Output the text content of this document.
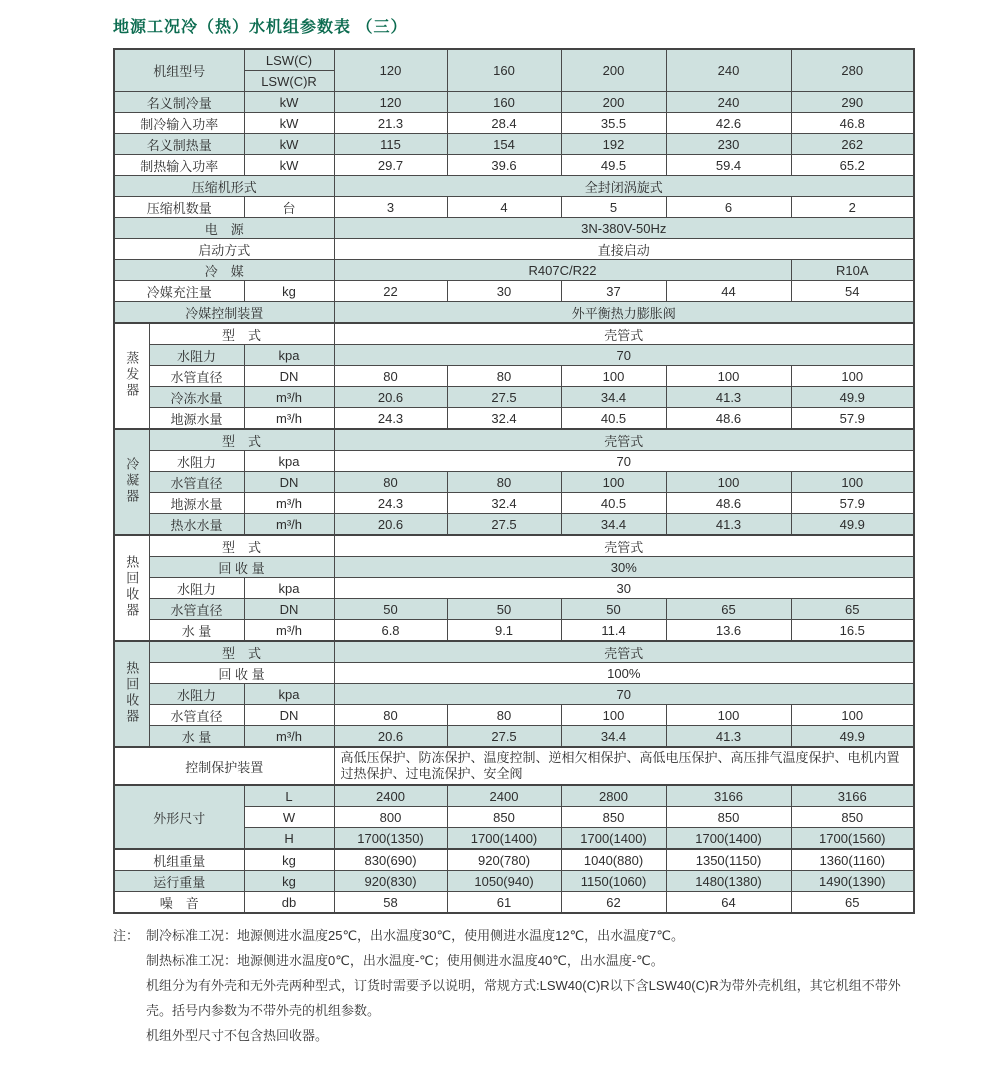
地源工况冷（热）水机组参数表 （三）
机组型号		LSW(C)	120	160	200	240	280
		LSW(C)R					
名义制冷量		kW	120	160	200	240	290
制冷输入功率		kW	21.3	28.4	35.5	42.6	46.8
名义制热量		kW	115	154	192	230	262
制热输入功率		kW	29.7	39.6	49.5	59.4	65.2
压缩机形式			全封闭涡旋式				
压缩机数量		台	3	4	5	6	2
电　源			3N-380V-50Hz				
启动方式			直接启动				
冷　媒			R407C/R22				R10A
冷媒充注量		kg	22	30	37	44	54
冷媒控制装置			外平衡热力膨胀阀				
蒸发器	型　式		壳管式				
	水阻力	kpa	70				
	水管直径	DN	80	80	100	100	100
	冷冻水量	m³/h	20.6	27.5	34.4	41.3	49.9
	地源水量	m³/h	24.3	32.4	40.5	48.6	57.9
冷凝器	型　式		壳管式				
	水阻力	kpa	70				
	水管直径	DN	80	80	100	100	100
	地源水量	m³/h	24.3	32.4	40.5	48.6	57.9
	热水水量	m³/h	20.6	27.5	34.4	41.3	49.9
热回收器	型　式		壳管式				
	回 收 量		30%				
	水阻力	kpa	30				
	水管直径	DN	50	50	50	65	65
	水 量	m³/h	6.8	9.1	11.4	13.6	16.5
热回收器	型　式		壳管式				
	回 收 量		100%				
	水阻力	kpa	70				
	水管直径	DN	80	80	100	100	100
	水 量	m³/h	20.6	27.5	34.4	41.3	49.9
控制保护装置			高低压保护、防冻保护、温度控制、逆相欠相保护、高低电压保护、高压排气温度保护、电机内置过热保护、过电流保护、安全阀				
外形尺寸		L	2400	2400	2800	3166	3166
		W	800	850	850	850	850
		H	1700(1350)	1700(1400)	1700(1400)	1700(1400)	1700(1560)
机组重量		kg	830(690)	920(780)	1040(880)	1350(1150)	1360(1160)
运行重量		kg	920(830)	1050(940)	1150(1060)	1480(1380)	1490(1390)
噪　音		db	58	61	62	64	65
注： 制冷标准工况：地源侧进水温度25℃，出水温度30℃，使用侧进水温度12℃，出水温度7℃。
制热标准工况：地源侧进水温度0℃，出水温度-℃；使用侧进水温度40℃，出水温度-℃。
机组分为有外壳和无外壳两种型式，订货时需要予以说明，常规方式:LSW40(C)R以下含LSW40(C)R为带外壳机组，其它机组不带外壳。括号内参数为不带外壳的机组参数。
机组外型尺寸不包含热回收器。
